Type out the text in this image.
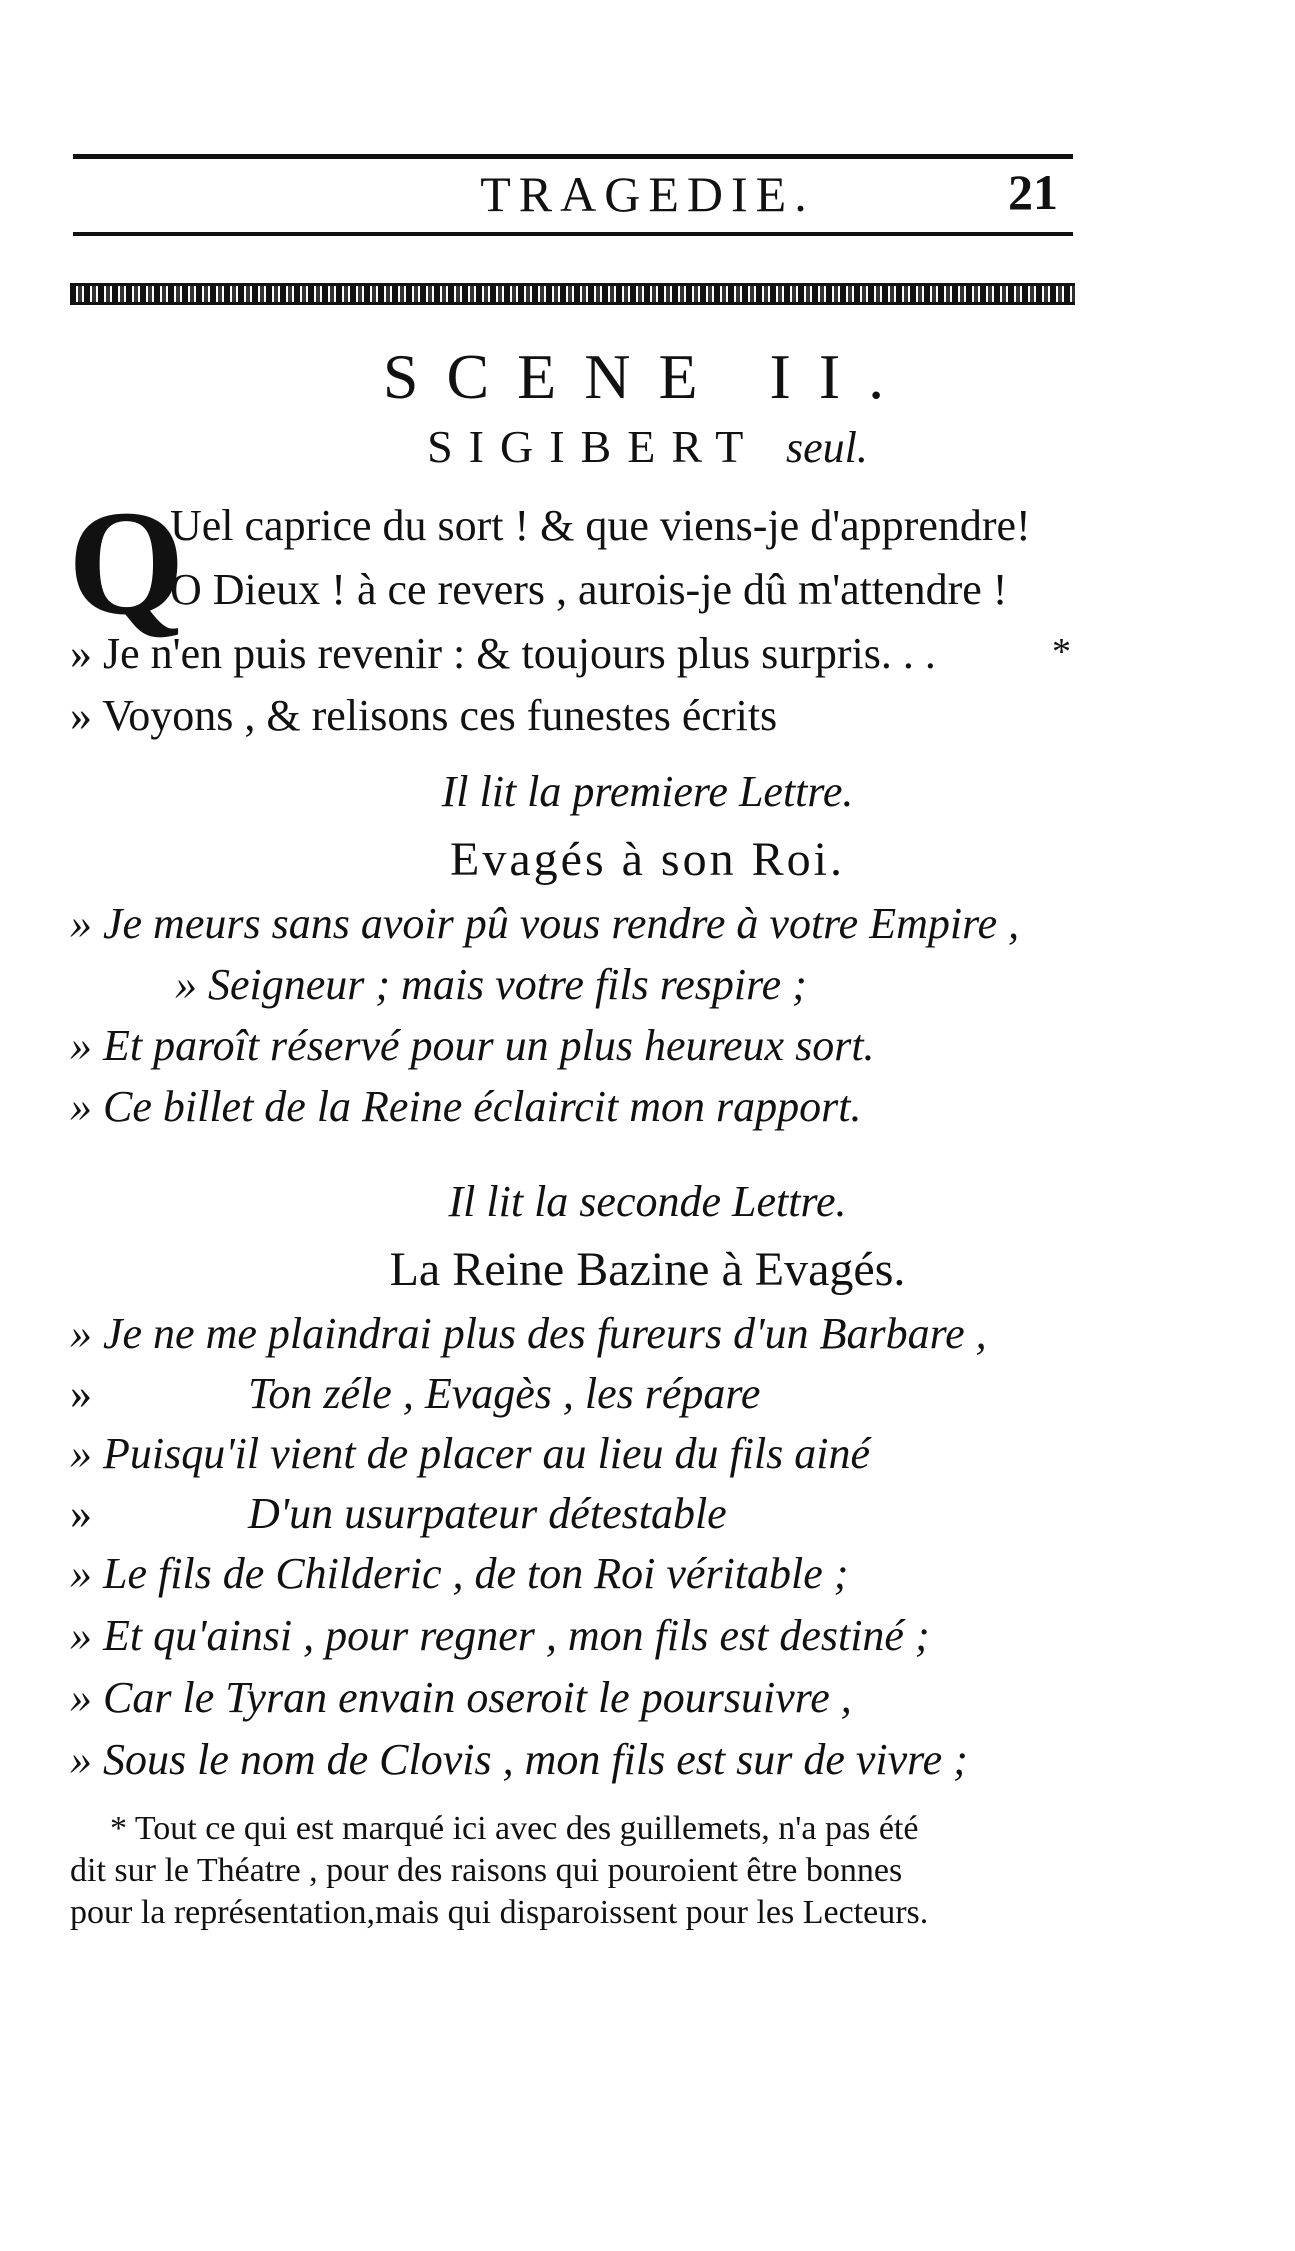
TRAGEDIE.	21
SCENE II.
SIGIBERT seul.
Q
Uel caprice du sort ! & que viens-je d'apprendre!
O Dieux ! à ce revers , aurois-je dû m'attendre !
» Je n'en puis revenir : & toujours plus surpris. . .	*
» Voyons , & relisons ces funestes écrits
Il lit la premiere Lettre.
Evagés à son Roi.
» Je meurs sans avoir pû vous rendre à votre Empire ,
» Seigneur ; mais votre fils respire ;
» Et paroît réservé pour un plus heureux sort.
» Ce billet de la Reine éclaircit mon rapport.
Il lit la seconde Lettre.
La Reine Bazine à Evagés.
» Je ne me plaindrai plus des fureurs d'un Barbare ,
»	Ton zéle , Evagès , les répare
» Puisqu'il vient de placer au lieu du fils ainé
»	D'un usurpateur détestable
» Le fils de Childeric , de ton Roi véritable ;
» Et qu'ainsi , pour regner , mon fils est destiné ;
» Car le Tyran envain oseroit le poursuivre ,
» Sous le nom de Clovis , mon fils est sur de vivre ;
* Tout ce qui est marqué ici avec des guillemets, n'a pas été
dit sur le Théatre , pour des raisons qui pouroient être bonnes
pour la représentation,mais qui disparoissent pour les Lecteurs.
